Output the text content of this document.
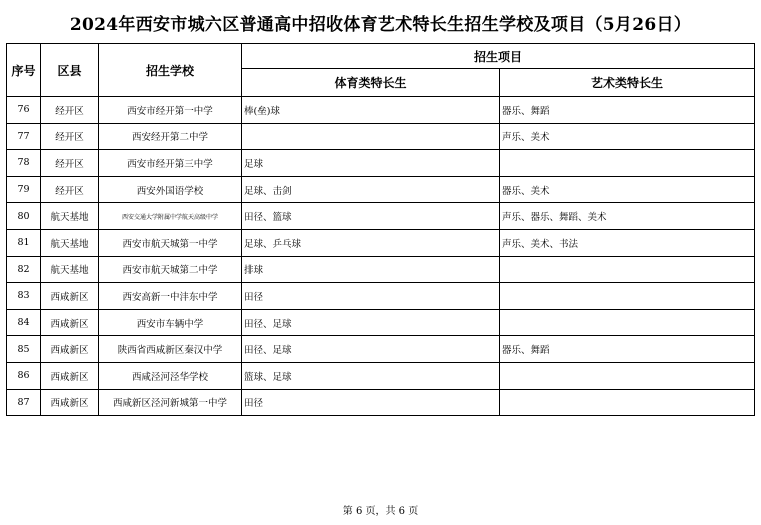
2024年西安市城六区普通高中招收体育艺术特长生招生学校及项目（5月26日）
序号	区县	招生学校	招生项目	
			体育类特长生	艺术类特长生
76	经开区	西安市经开第一中学	棒(垒)球	器乐、舞蹈
77	经开区	西安经开第二中学		声乐、美术
78	经开区	西安市经开第三中学	足球	
79	经开区	西安外国语学校	足球、击剑	器乐、美术
80	航天基地	西安交通大学附属中学航天高级中学	田径、篮球	声乐、器乐、舞蹈、美术
81	航天基地	西安市航天城第一中学	足球、乒乓球	声乐、美术、书法
82	航天基地	西安市航天城第二中学	排球	
83	西咸新区	西安高新一中沣东中学	田径	
84	西咸新区	西安市车辆中学	田径、足球	
85	西咸新区	陕西省西咸新区秦汉中学	田径、足球	器乐、舞蹈
86	西咸新区	西咸泾河泾华学校	篮球、足球	
87	西咸新区	西咸新区泾河新城第一中学	田径	
第 6 页，共 6 页
